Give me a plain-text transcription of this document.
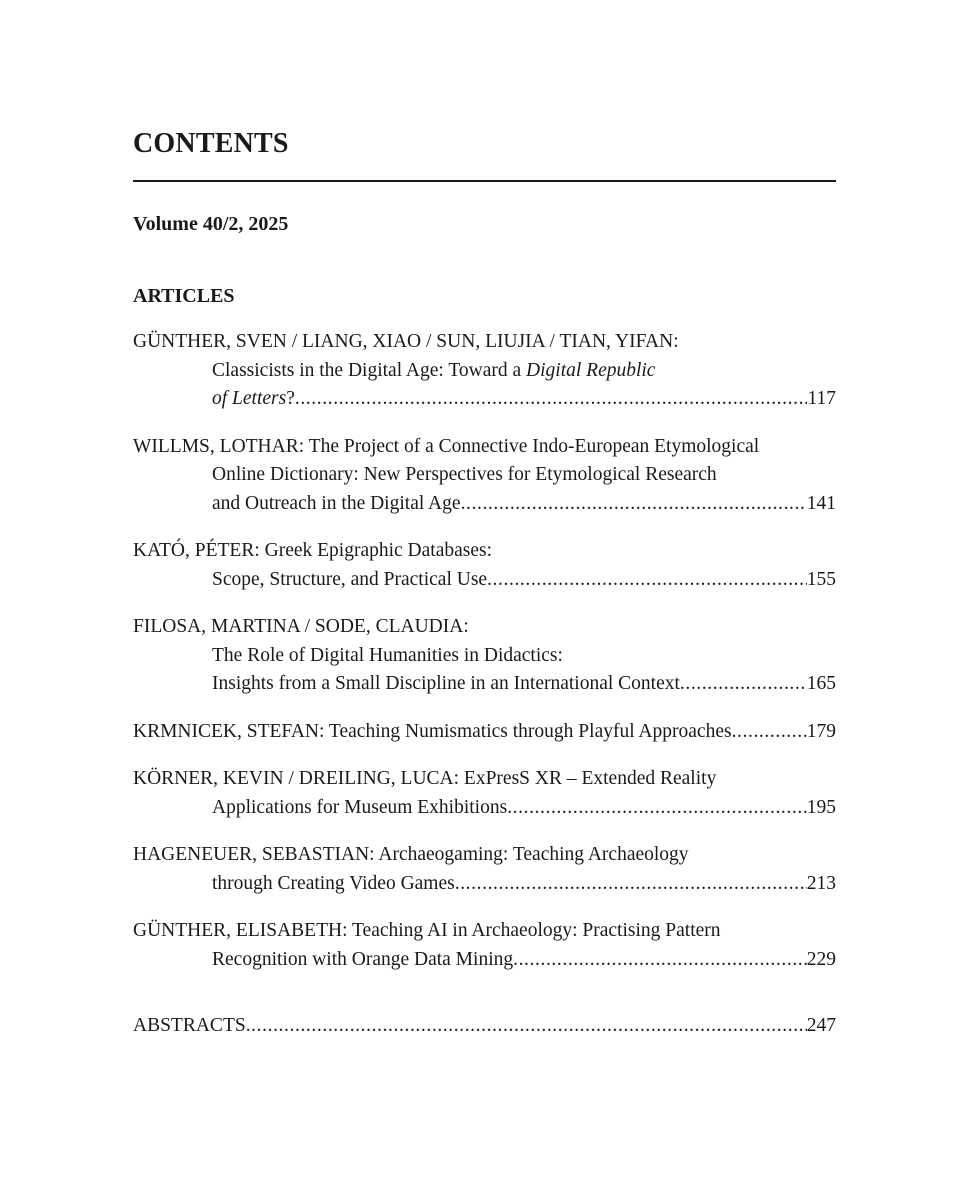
CONTENTS
Volume 40/2, 2025
ARTICLES
GÜNTHER, SVEN / LIANG, XIAO / SUN, LIUJIA / TIAN, YIFAN:
Classicists in the Digital Age: Toward a Digital Republic
of Letters? .....	117
WILLMS, LOTHAR: The Project of a Connective Indo-European Etymological
Online Dictionary: New Perspectives for Etymological Research
and Outreach in the Digital Age .....	141
KATÓ, PÉTER: Greek Epigraphic Databases:
Scope, Structure, and Practical Use .....	155
FILOSA, MARTINA / SODE, CLAUDIA:
The Role of Digital Humanities in Didactics:
Insights from a Small Discipline in an International Context .....	165
KRMNICEK, STEFAN: Teaching Numismatics through Playful Approaches .....	179
KÖRNER, KEVIN / DREILING, LUCA: ExPresS XR – Extended Reality
Applications for Museum Exhibitions .....	195
HAGENEUER, SEBASTIAN: Archaeogaming: Teaching Archaeology
through Creating Video Games .....	213
GÜNTHER, ELISABETH: Teaching AI in Archaeology: Practising Pattern
Recognition with Orange Data Mining .....	229
ABSTRACTS .....	247
